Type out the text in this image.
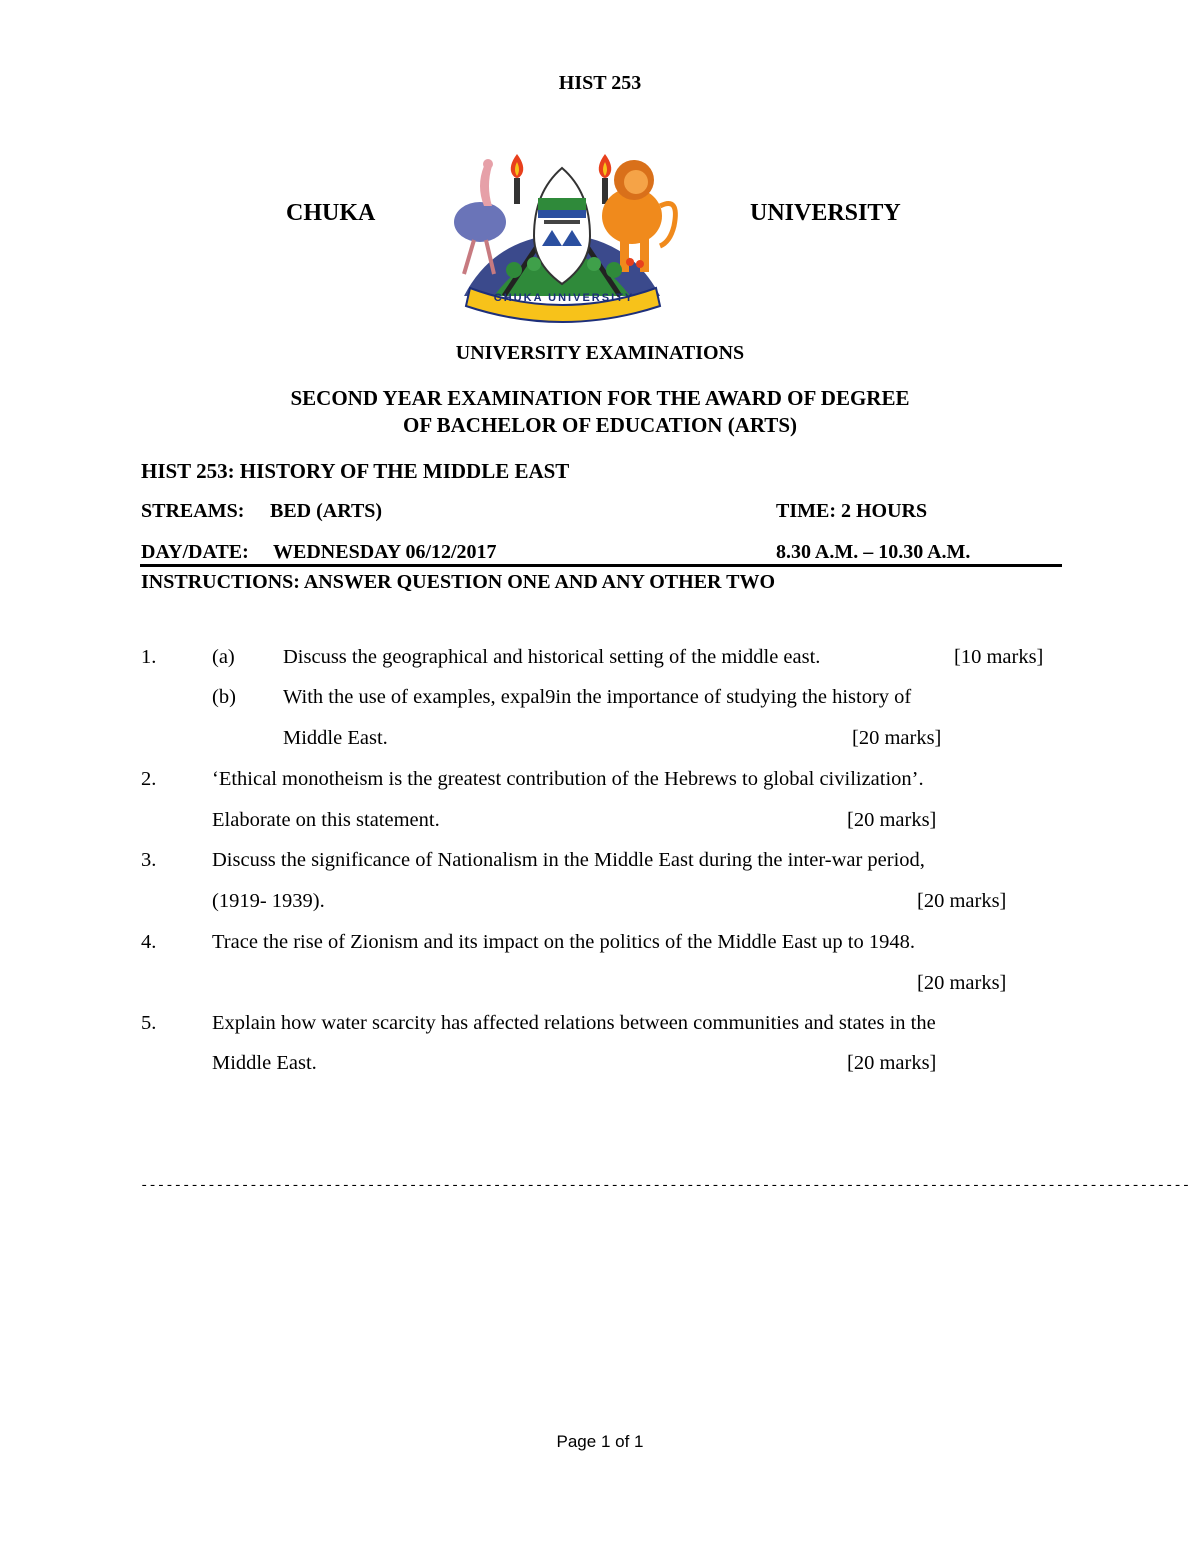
HIST 253
CHUKA	UNIVERSITY
CHUKA UNIVERSITY
UNIVERSITY EXAMINATIONS
SECOND YEAR EXAMINATION FOR THE AWARD OF DEGREE
OF BACHELOR OF EDUCATION (ARTS)
HIST 253: HISTORY OF THE MIDDLE EAST
STREAMS: BED (ARTS)	TIME: 2 HOURS
DAY/DATE: WEDNESDAY 06/12/2017	8.30 A.M. – 10.30 A.M.
INSTRUCTIONS: ANSWER QUESTION ONE AND ANY OTHER TWO
1.	(a) Discuss the geographical and historical setting of the middle east.	[10 marks]
(b) With the use of examples, expal9in the importance of studying the history of
Middle East.	[20 marks]
2.	‘Ethical monotheism is the greatest contribution of the Hebrews to global civilization’.
Elaborate on this statement.	[20 marks]
3.	Discuss the significance of Nationalism in the Middle East during the inter-war period,
(1919- 1939).	[20 marks]
4.	Trace the rise of Zionism and its impact on the politics of the Middle East up to 1948.
[20 marks]
5.	Explain how water scarcity has affected relations between communities and states in the
Middle East.	[20 marks]
-----------------------------------------------------------------------------------------------------------------------------
Page 1 of 1
